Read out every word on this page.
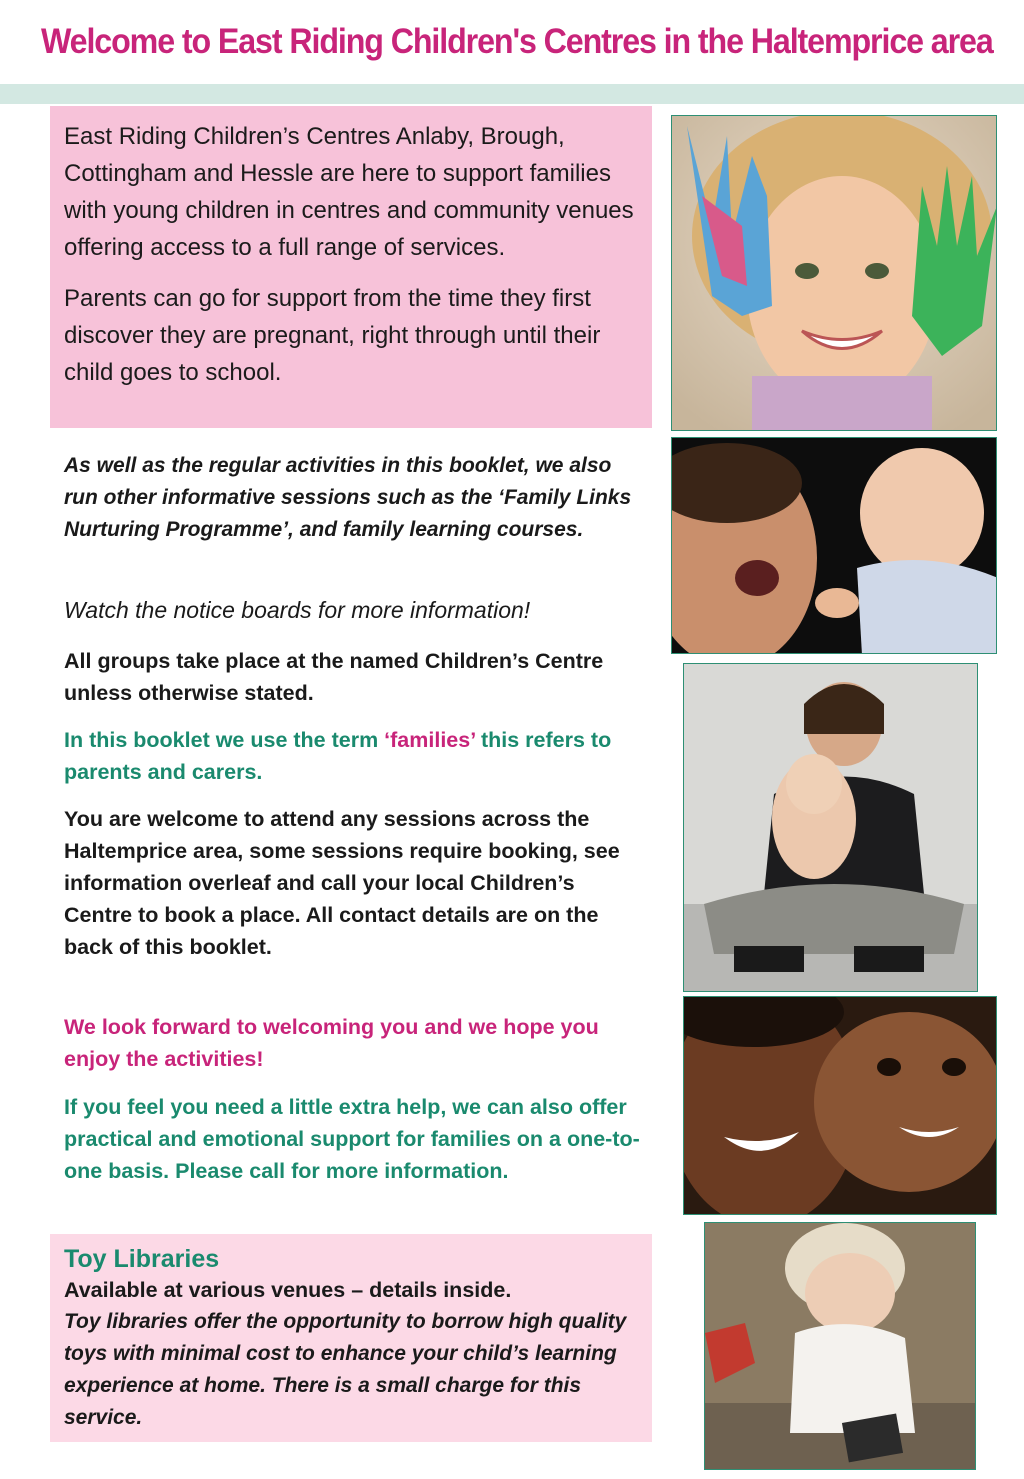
Welcome to East Riding Children's Centres in the Haltemprice area

East Riding Children’s Centres Anlaby, Brough, Cottingham and Hessle are here to support families with young children in centres and community venues offering access to a full range of services.

Parents can go for support from the time they first discover they are pregnant, right through until their child goes to school.

As well as the regular activities in this booklet, we also run other informative sessions such as the ‘Family Links Nurturing Programme’, and family learning courses.
Watch the notice boards for more information!
All groups take place at the named Children’s Centre unless otherwise stated.
In this booklet we use the term ‘families’ this refers to parents and carers.
You are welcome to attend any sessions across the Haltemprice area, some sessions require booking, see information overleaf and call your local Children’s Centre to book a place. All contact details are on the back of this booklet.
We look forward to welcoming you and we hope you enjoy the activities!
If you feel you need a little extra help, we can also offer practical and emotional support for families on a one-to-one basis. Please call for more information.
Toy Libraries
Available at various venues – details inside.
Toy libraries offer the opportunity to borrow high quality toys with minimal cost to enhance your child’s learning experience at home. There is a small charge for this service.
